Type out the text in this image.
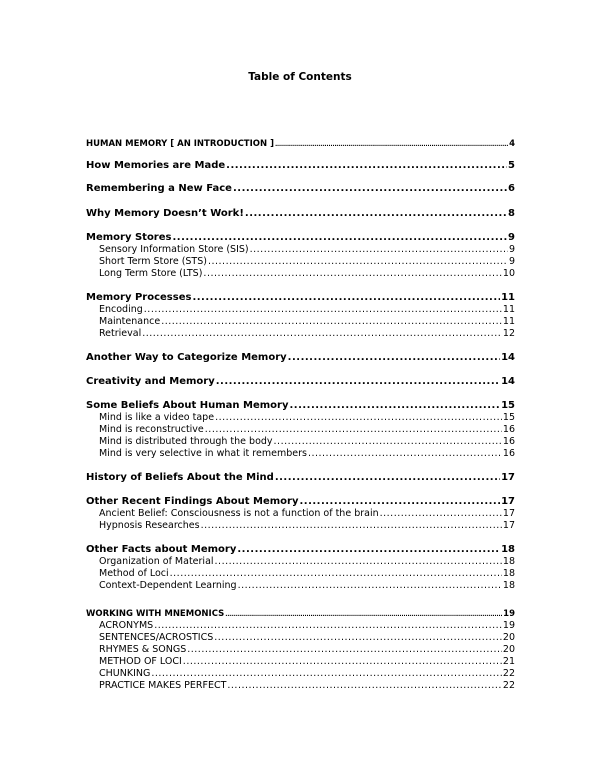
Table of Contents
HUMAN MEMORY [ AN INTRODUCTION ] .....	4
How Memories are Made .....	5
Remembering a New Face .....	6
Why Memory Doesn’t Work! .....	8
Memory Stores .....	9
Sensory Information Store (SIS) .....	9
Short Term Store (STS) .....	9
Long Term Store (LTS) .....	10
Memory Processes .....	11
Encoding .....	11
Maintenance .....	11
Retrieval .....	12
Another Way to Categorize Memory .....	14
Creativity and Memory .....	14
Some Beliefs About Human Memory .....	15
Mind is like a video tape .....	15
Mind is reconstructive .....	16
Mind is distributed through the body .....	16
Mind is very selective in what it remembers .....	16
History of Beliefs About the Mind .....	17
Other Recent Findings About Memory .....	17
Ancient Belief: Consciousness is not a function of the brain .....	17
Hypnosis Researches .....	17
Other Facts about Memory .....	18
Organization of Material .....	18
Method of Loci .....	18
Context-Dependent Learning .....	18
WORKING WITH MNEMONICS .....	19
ACRONYMS .....	19
SENTENCES/ACROSTICS .....	20
RHYMES & SONGS .....	20
METHOD OF LOCI .....	21
CHUNKING .....	22
PRACTICE MAKES PERFECT .....	22
